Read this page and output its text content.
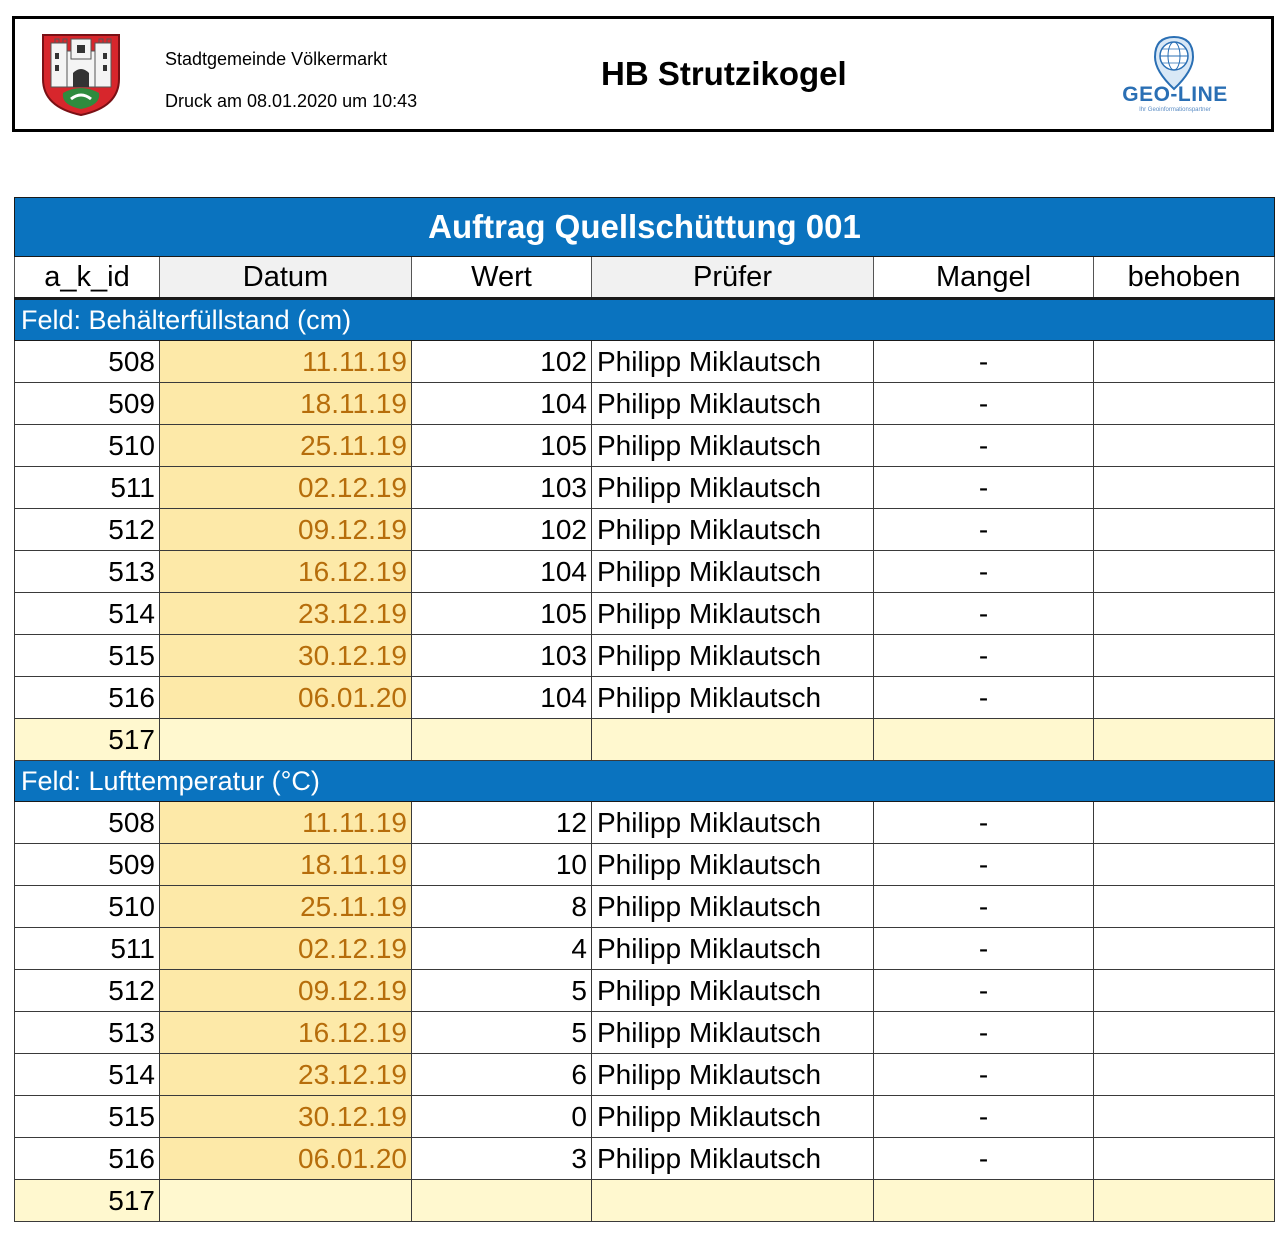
Stadtgemeinde Völkermarkt
Druck am 08.01.2020 um 10:43
HB Strutzikogel
GEO-LINE
Ihr Geoinformationspartner
Auftrag Quellschüttung 001					
a_k_id	Datum	Wert	Prüfer	Mangel	behoben
Feld: Behälterfüllstand (cm)					
508	11.11.19	102	Philipp Miklautsch	-	
509	18.11.19	104	Philipp Miklautsch	-	
510	25.11.19	105	Philipp Miklautsch	-	
511	02.12.19	103	Philipp Miklautsch	-	
512	09.12.19	102	Philipp Miklautsch	-	
513	16.12.19	104	Philipp Miklautsch	-	
514	23.12.19	105	Philipp Miklautsch	-	
515	30.12.19	103	Philipp Miklautsch	-	
516	06.01.20	104	Philipp Miklautsch	-	
517					
Feld: Lufttemperatur (°C)					
508	11.11.19	12	Philipp Miklautsch	-	
509	18.11.19	10	Philipp Miklautsch	-	
510	25.11.19	8	Philipp Miklautsch	-	
511	02.12.19	4	Philipp Miklautsch	-	
512	09.12.19	5	Philipp Miklautsch	-	
513	16.12.19	5	Philipp Miklautsch	-	
514	23.12.19	6	Philipp Miklautsch	-	
515	30.12.19	0	Philipp Miklautsch	-	
516	06.01.20	3	Philipp Miklautsch	-	
517					
